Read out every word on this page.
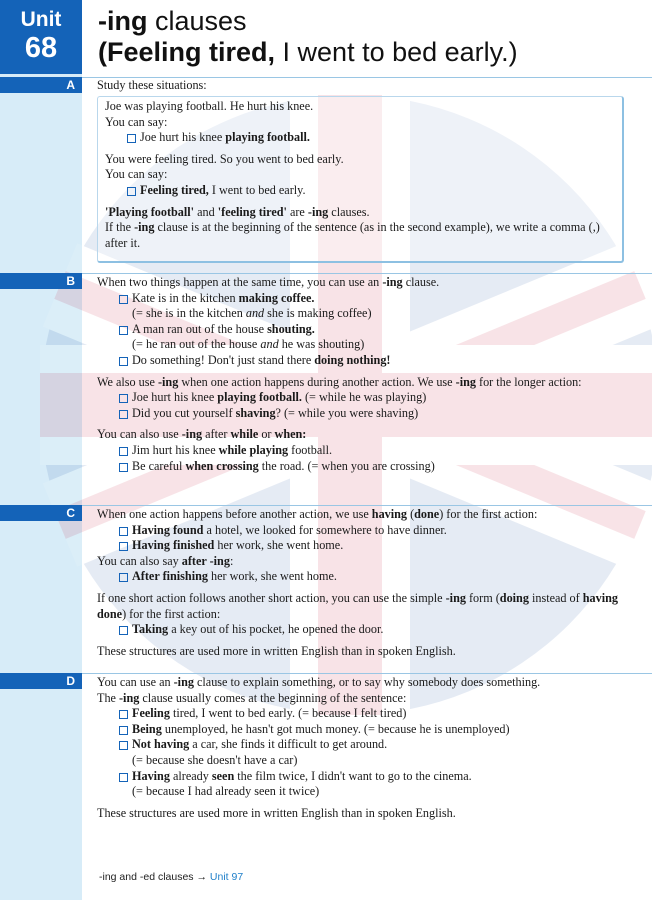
Unit
68
-ing clauses
(Feeling tired, I went to bed early.)
A	Study these situations:

Joe was playing football. He hurt his knee.

You can say:

Joe hurt his knee playing football.

You were feeling tired. So you went to bed early.

You can say:

Feeling tired, I went to bed early.

'Playing football' and 'feeling tired' are -ing clauses.

If the -ing clause is at the beginning of the sentence (as in the second example), we write a comma (,) after it.

B	When two things happen at the same time, you can use an -ing clause.

Kate is in the kitchen making coffee.

(= she is in the kitchen and she is making coffee)

A man ran out of the house shouting.

(= he ran out of the house and he was shouting)

Do something! Don't just stand there doing nothing!

We also use -ing when one action happens during another action. We use -ing for the longer action:

Joe hurt his knee playing football. (= while he was playing)

Did you cut yourself shaving? (= while you were shaving)

You can also use -ing after while or when:

Jim hurt his knee while playing football.

Be careful when crossing the road. (= when you are crossing)

C	When one action happens before another action, we use having (done) for the first action:

Having found a hotel, we looked for somewhere to have dinner.

Having finished her work, she went home.

You can also say after -ing:

After finishing her work, she went home.

If one short action follows another short action, you can use the simple -ing form (doing instead of having done) for the first action:

Taking a key out of his pocket, he opened the door.

These structures are used more in written English than in spoken English.

D	You can use an -ing clause to explain something, or to say why somebody does something.

The -ing clause usually comes at the beginning of the sentence:

Feeling tired, I went to bed early. (= because I felt tired)

Being unemployed, he hasn't got much money. (= because he is unemployed)

Not having a car, she finds it difficult to get around.

(= because she doesn't have a car)

Having already seen the film twice, I didn't want to go to the cinema.

(= because I had already seen it twice)

These structures are used more in written English than in spoken English.

-ing and -ed clauses → Unit 97
